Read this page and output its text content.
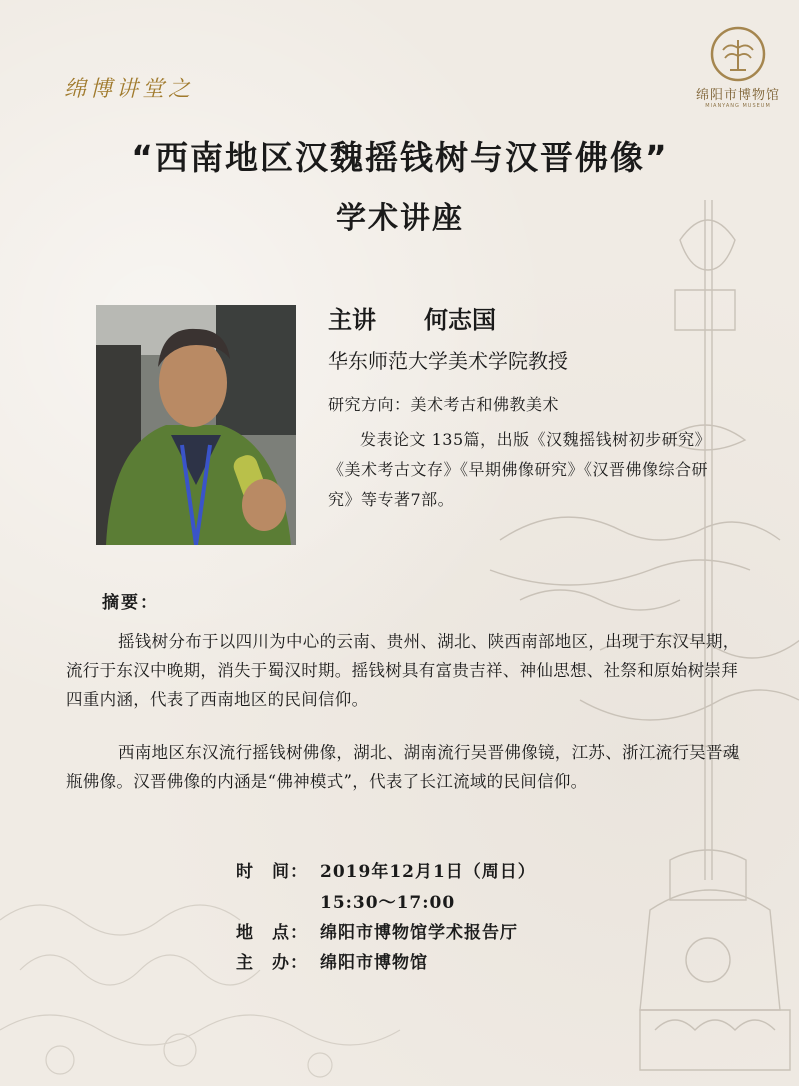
绵阳市博物馆
MIANYANG MUSEUM
绵博讲堂之
“西南地区汉魏摇钱树与汉晋佛像”
学术讲座
主讲 何志国
华东师范大学美术学院教授
研究方向：美术考古和佛教美术
发表论文 135篇，出版《汉魏摇钱树初步研究》《美术考古文存》《早期佛像研究》《汉晋佛像综合研究》等专著7部。
摘要：
摇钱树分布于以四川为中心的云南、贵州、湖北、陕西南部地区，出现于东汉早期，流行于东汉中晚期，消失于蜀汉时期。摇钱树具有富贵吉祥、神仙思想、社祭和原始树崇拜四重内涵，代表了西南地区的民间信仰。
西南地区东汉流行摇钱树佛像，湖北、湖南流行吴晋佛像镜，江苏、浙江流行吴晋魂瓶佛像。汉晋佛像的内涵是“佛神模式”，代表了长江流域的民间信仰。
时　间： 2019年12月1日（周日）
15:30～17:00
地　点： 绵阳市博物馆学术报告厅
主　办： 绵阳市博物馆
